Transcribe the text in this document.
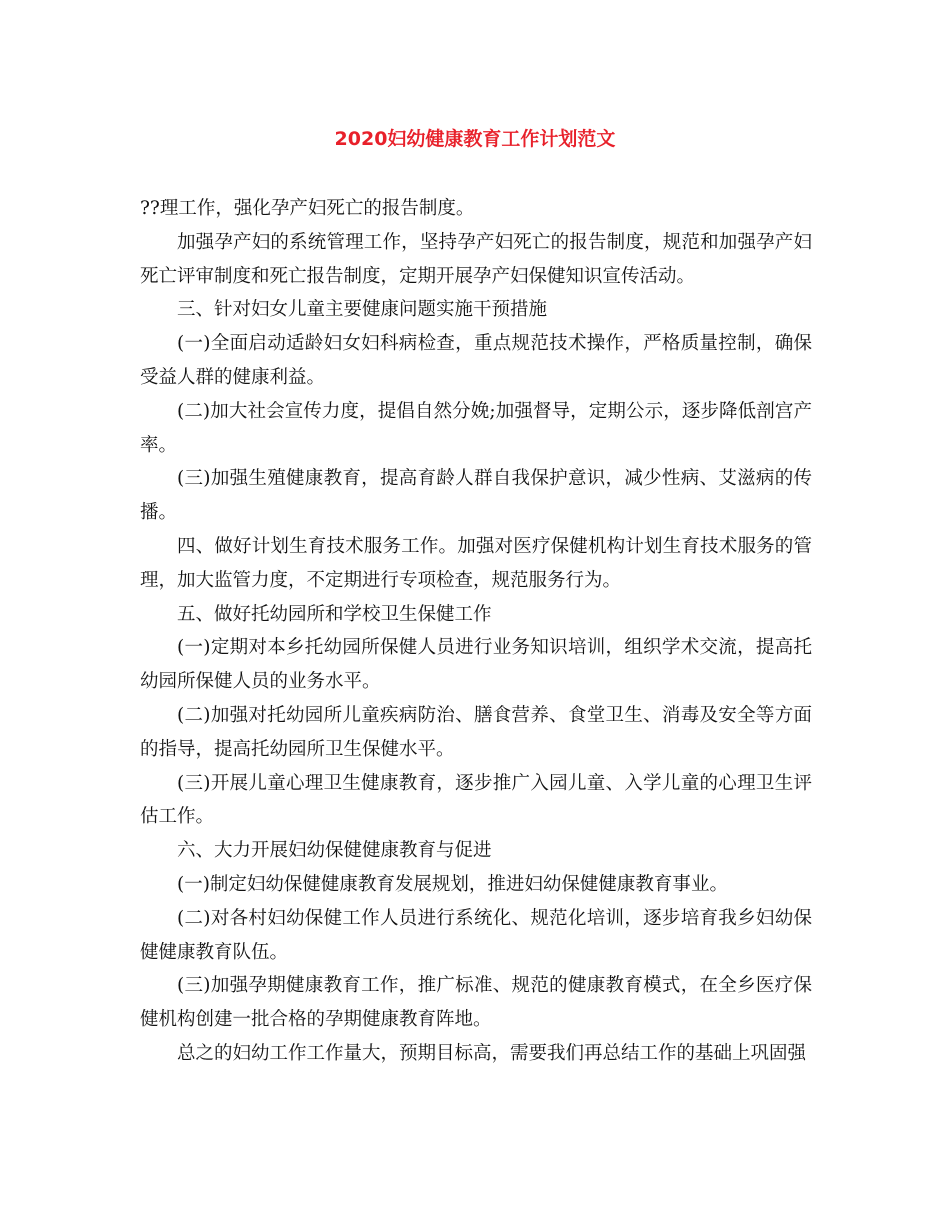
2020妇幼健康教育工作计划范文

??理工作，强化孕产妇死亡的报告制度。

加强孕产妇的系统管理工作，坚持孕产妇死亡的报告制度，规范和加强孕产妇死亡评审制度和死亡报告制度，定期开展孕产妇保健知识宣传活动。

三、针对妇女儿童主要健康问题实施干预措施

(一)全面启动适龄妇女妇科病检查，重点规范技术操作，严格质量控制，确保受益人群的健康利益。

(二)加大社会宣传力度，提倡自然分娩;加强督导，定期公示，逐步降低剖宫产率。

(三)加强生殖健康教育，提高育龄人群自我保护意识，减少性病、艾滋病的传播。

四、做好计划生育技术服务工作。加强对医疗保健机构计划生育技术服务的管理，加大监管力度，不定期进行专项检查，规范服务行为。

五、做好托幼园所和学校卫生保健工作

(一)定期对本乡托幼园所保健人员进行业务知识培训，组织学术交流，提高托幼园所保健人员的业务水平。

(二)加强对托幼园所儿童疾病防治、膳食营养、食堂卫生、消毒及安全等方面的指导，提高托幼园所卫生保健水平。

(三)开展儿童心理卫生健康教育，逐步推广入园儿童、入学儿童的心理卫生评估工作。

六、大力开展妇幼保健健康教育与促进

(一)制定妇幼保健健康教育发展规划，推进妇幼保健健康教育事业。

(二)对各村妇幼保健工作人员进行系统化、规范化培训，逐步培育我乡妇幼保健健康教育队伍。

(三)加强孕期健康教育工作，推广标准、规范的健康教育模式，在全乡医疗保健机构创建一批合格的孕期健康教育阵地。

总之的妇幼工作工作量大，预期目标高，需要我们再总结工作的基础上巩固强
